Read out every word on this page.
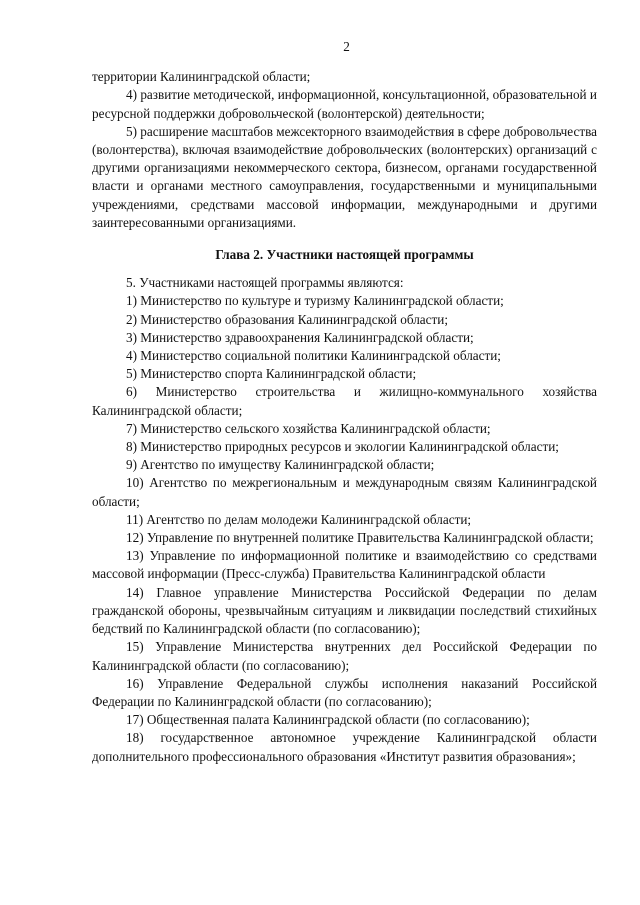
2

территории Калининградской области;

4) развитие методической, информационной, консультационной, образовательной и ресурсной поддержки добровольческой (волонтерской) деятельности;

5) расширение масштабов межсекторного взаимодействия в сфере добровольчества (волонтерства), включая взаимодействие добровольческих (волонтерских) организаций с другими организациями некоммерческого сектора, бизнесом, органами государственной власти и органами местного самоуправления, государственными и муниципальными учреждениями, средствами массовой информации, международными и другими заинтересованными организациями.

Глава 2. Участники настоящей программы

5. Участниками настоящей программы являются:

1) Министерство по культуре и туризму Калининградской области;

2) Министерство образования Калининградской области;

3) Министерство здравоохранения Калининградской области;

4) Министерство социальной политики Калининградской области;

5) Министерство спорта Калининградской области;

6) Министерство строительства и жилищно-коммунального хозяйства Калининградской области;

7) Министерство сельского хозяйства Калининградской области;

8) Министерство природных ресурсов и экологии Калининградской области;

9) Агентство по имуществу Калининградской области;

10) Агентство по межрегиональным и международным связям Калининградской области;

11) Агентство по делам молодежи Калининградской области;

12) Управление по внутренней политике Правительства Калининградской области;

13) Управление по информационной политике и взаимодействию со средствами массовой информации (Пресс-служба) Правительства Калининградской области

14) Главное управление Министерства Российской Федерации по делам гражданской обороны, чрезвычайным ситуациям и ликвидации последствий стихийных бедствий по Калининградской области (по согласованию);

15) Управление Министерства внутренних дел Российской Федерации по Калининградской области (по согласованию);

16) Управление Федеральной службы исполнения наказаний Российской Федерации по Калининградской области (по согласованию);

17) Общественная палата Калининградской области (по согласованию);

18) государственное автономное учреждение Калининградской области дополнительного профессионального образования «Институт развития образования»;
